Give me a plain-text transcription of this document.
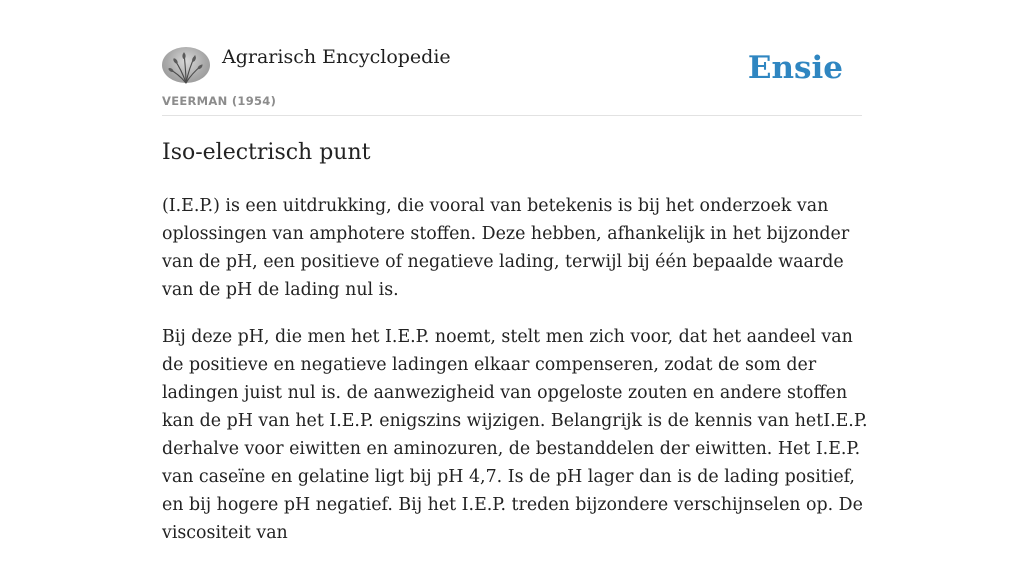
Agrarisch Encyclopedie
VEERMAN (1954)
Ensie
Iso-electrisch punt

(I.E.P.) is een uitdrukking, die vooral van betekenis is bij het onderzoek van oplossingen van amphotere stoffen. Deze hebben, afhankelijk in het bijzonder van de pH, een positieve of negatieve lading, terwijl bij één bepaalde waarde van de pH de lading nul is.

Bij deze pH, die men het I.E.P. noemt, stelt men zich voor, dat het aandeel van de positieve en negatieve ladingen elkaar compenseren, zodat de som der ladingen juist nul is. de aanwezigheid van opgeloste zouten en andere stoffen kan de pH van het I.E.P. enigszins wijzigen. Belangrijk is de kennis van hetI.E.P. derhalve voor eiwitten en aminozuren, de bestanddelen der eiwitten. Het I.E.P. van caseïne en gelatine ligt bij pH 4,7. Is de pH lager dan is de lading positief, en bij hogere pH negatief. Bij het I.E.P. treden bijzondere verschijnselen op. De viscositeit van
